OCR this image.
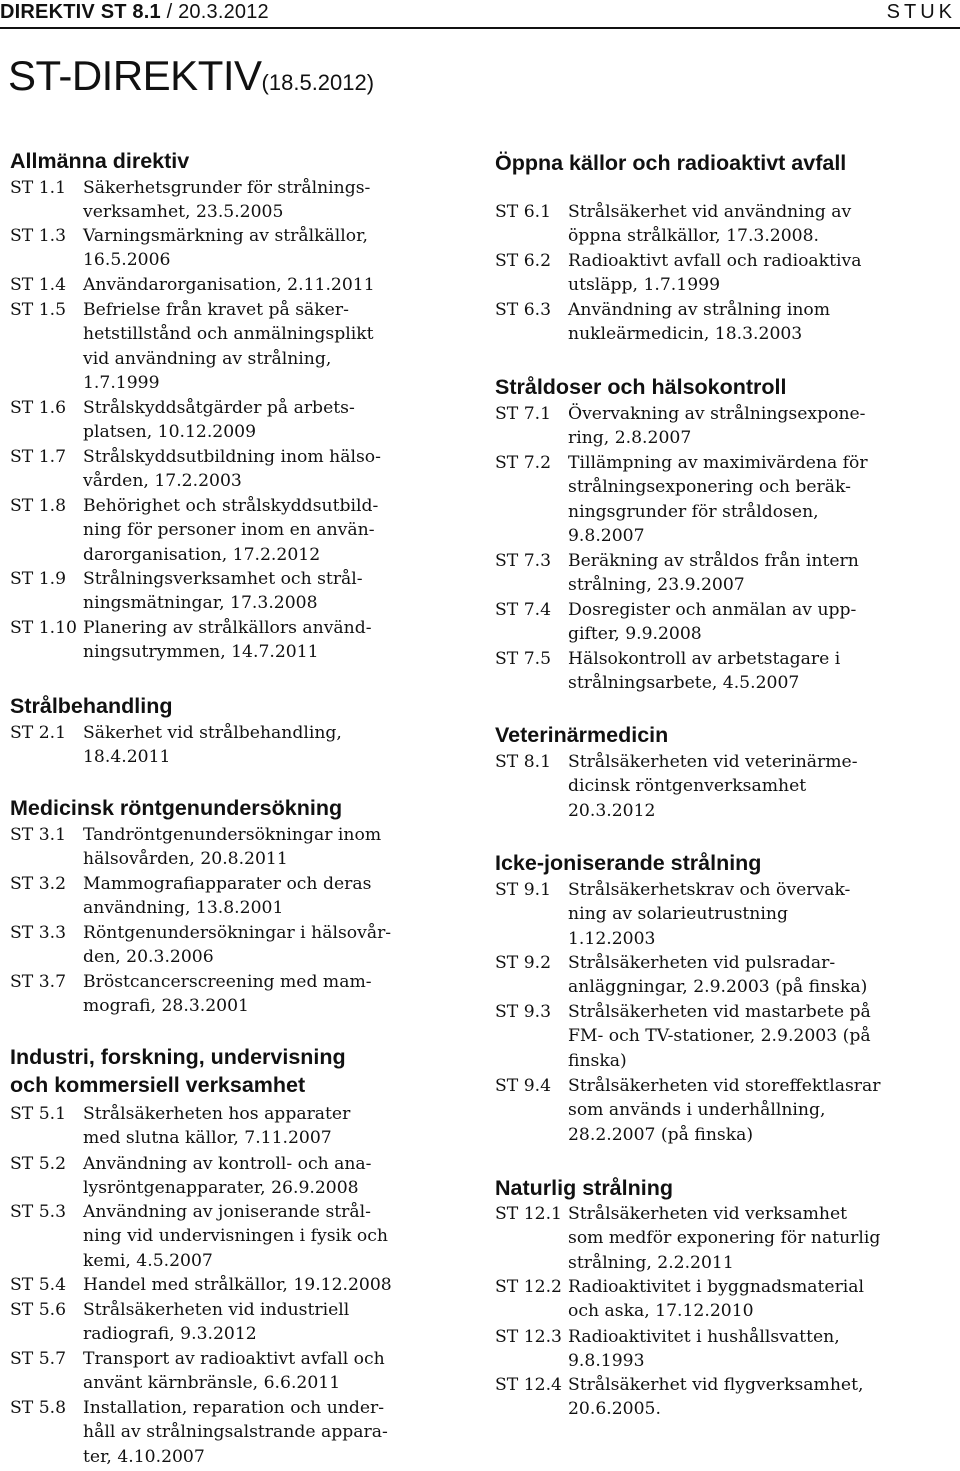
DIREKTIV ST 8.1 / 20.3.2012	STUK
ST-DIREKTIV(18.5.2012)
Allmänna direktiv
ST 1.1 Säkerhetsgrunder för strålnings-
verksamhet, 23.5.2005
ST 1.3 Varningsmärkning av strålkällor,
16.5.2006
ST 1.4 Användarorganisation, 2.11.2011
ST 1.5 Befrielse från kravet på säker-
hetstillstånd och anmälningsplikt
vid användning av strålning,
1.7.1999
ST 1.6 Strålskyddsåtgärder på arbets-
platsen, 10.12.2009
ST 1.7 Strålskyddsutbildning inom hälso-
vården, 17.2.2003
ST 1.8 Behörighet och strålskyddsutbild-
ning för personer inom en använ-
darorganisation, 17.2.2012
ST 1.9 Strålningsverksamhet och strål-
ningsmätningar, 17.3.2008
ST 1.10 Planering av strålkällors använd-
ningsutrymmen, 14.7.2011
Strålbehandling
ST 2.1 Säkerhet vid strålbehandling,
18.4.2011
Medicinsk röntgenundersökning
ST 3.1 Tandröntgenundersökningar inom
hälsovården, 20.8.2011
ST 3.2 Mammografiapparater och deras
användning, 13.8.2001
ST 3.3 Röntgenundersökningar i hälsovår-
den, 20.3.2006
ST 3.7 Bröstcancerscreening med mam-
mografi, 28.3.2001
Industri, forskning, undervisning
och kommersiell verksamhet
ST 5.1 Strålsäkerheten hos apparater
med slutna källor, 7.11.2007
ST 5.2 Användning av kontroll- och ana-
lysröntgenapparater, 26.9.2008
ST 5.3 Användning av joniserande strål-
ning vid undervisningen i fysik och
kemi, 4.5.2007
ST 5.4 Handel med strålkällor, 19.12.2008
ST 5.6 Strålsäkerheten vid industriell
radiografi, 9.3.2012
ST 5.7 Transport av radioaktivt avfall och
använt kärnbränsle, 6.6.2011
ST 5.8 Installation, reparation och under-
håll av strålningsalstrande appara-
ter, 4.10.2007
Öppna källor och radioaktivt avfall
ST 6.1 Strålsäkerhet vid användning av
öppna strålkällor, 17.3.2008.
ST 6.2 Radioaktivt avfall och radioaktiva
utsläpp, 1.7.1999
ST 6.3 Användning av strålning inom
nukleärmedicin, 18.3.2003
Stråldoser och hälsokontroll
ST 7.1 Övervakning av strålningsexpone-
ring, 2.8.2007
ST 7.2 Tillämpning av maximivärdena för
strålningsexponering och beräk-
ningsgrunder för stråldosen,
9.8.2007
ST 7.3 Beräkning av stråldos från intern
strålning, 23.9.2007
ST 7.4 Dosregister och anmälan av upp-
gifter, 9.9.2008
ST 7.5 Hälsokontroll av arbetstagare i
strålningsarbete, 4.5.2007
Veterinärmedicin
ST 8.1 Strålsäkerheten vid veterinärme-
dicinsk röntgenverksamhet
20.3.2012
Icke-joniserande strålning
ST 9.1 Strålsäkerhetskrav och övervak-
ning av solarieutrustning
1.12.2003
ST 9.2 Strålsäkerheten vid pulsradar-
anläggningar, 2.9.2003 (på finska)
ST 9.3 Strålsäkerheten vid mastarbete på
FM- och TV-stationer, 2.9.2003 (på
finska)
ST 9.4 Strålsäkerheten vid storeffektlasrar
som används i underhållning,
28.2.2007 (på finska)
Naturlig strålning
ST 12.1 Strålsäkerheten vid verksamhet
som medför exponering för naturlig
strålning, 2.2.2011
ST 12.2 Radioaktivitet i byggnadsmaterial
och aska, 17.12.2010
ST 12.3 Radioaktivitet i hushållsvatten,
9.8.1993
ST 12.4 Strålsäkerhet vid flygverksamhet,
20.6.2005.
